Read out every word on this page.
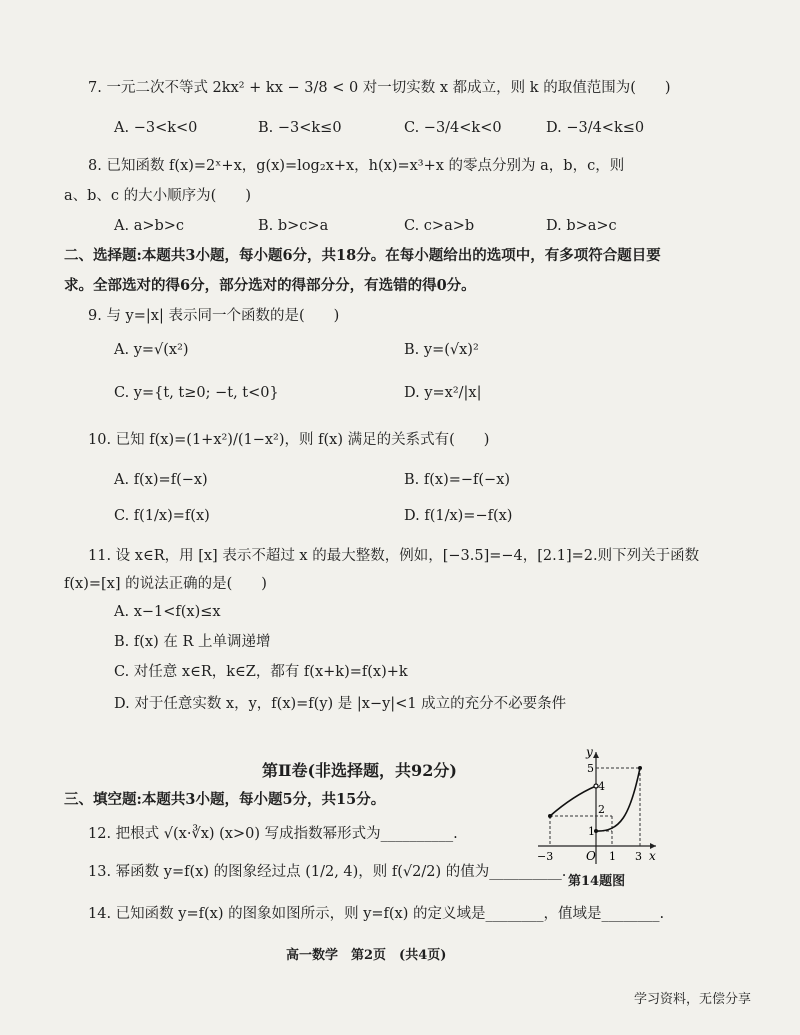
7. 一元二次不等式 2kx² + kx − 3/8 < 0 对一切实数 x 都成立，则 k 的取值范围为(　　)
A. −3<k<0	B. −3<k≤0	C. −3/4<k<0	D. −3/4<k≤0
8. 已知函数 f(x)=2ˣ+x，g(x)=log₂x+x，h(x)=x³+x 的零点分别为 a，b，c，则
a、b、c 的大小顺序为(　　)
A. a>b>c	B. b>c>a	C. c>a>b	D. b>a>c
二、选择题:本题共3小题，每小题6分，共18分。在每小题给出的选项中，有多项符合题目要
求。全部选对的得6分，部分选对的得部分分，有选错的得0分。
9. 与 y=|x| 表示同一个函数的是(　　)
A. y=√(x²)	B. y=(√x)²
C. y={t, t≥0; −t, t<0}	D. y=x²/|x|
10. 已知 f(x)=(1+x²)/(1−x²)，则 f(x) 满足的关系式有(　　)
A. f(x)=f(−x)	B. f(x)=−f(−x)
C. f(1/x)=f(x)	D. f(1/x)=−f(x)
11. 设 x∈R，用 [x] 表示不超过 x 的最大整数，例如，[−3.5]=−4，[2.1]=2.则下列关于函数
f(x)=[x] 的说法正确的是(　　)
A. x−1<f(x)≤x
B. f(x) 在 R 上单调递增
C. 对任意 x∈R，k∈Z，都有 f(x+k)=f(x)+k
D. 对于任意实数 x，y，f(x)=f(y) 是 |x−y|<1 成立的充分不必要条件
第Ⅱ卷(非选择题，共92分)
三、填空题:本题共3小题，每小题5分，共15分。
12. 把根式 √(x·∛x) (x>0) 写成指数幂形式为__________.
13. 幂函数 y=f(x) 的图象经过点 (1/2, 4)，则 f(√2/2) 的值为__________.
14. 已知函数 y=f(x) 的图象如图所示，则 y=f(x) 的定义域是________，值域是________.
y
x
O
−3	1 3
1
2
4
5
第14题图
高一数学　第2页　(共4页)
学习资料，无偿分享
